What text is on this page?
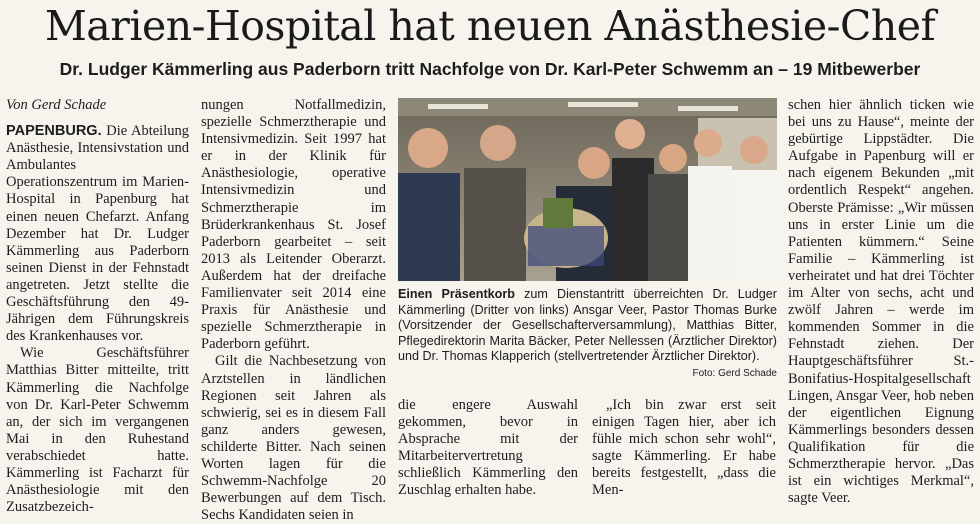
Marien-Hospital hat neuen Anästhesie-Chef
Dr. Ludger Kämmerling aus Paderborn tritt Nachfolge von Dr. Karl-Peter Schwemm an – 19 Mitbewerber
Von Gerd Schade

PAPENBURG. Die Abteilung Anästhesie, Intensivstation und Ambulantes Operationszentrum im Marien-Hospital in Papenburg hat einen neuen Chefarzt. Anfang Dezember hat Dr. Ludger Kämmerling aus Paderborn seinen Dienst in der Fehnstadt angetreten. Jetzt stellte die Geschäftsführung den 49-Jährigen dem Führungskreis des Krankenhauses vor.

Wie Geschäftsführer Matthias Bitter mitteilte, tritt Kämmerling die Nachfolge von Dr. Karl-Peter Schwemm an, der sich im vergangenen Mai in den Ruhestand verabschiedet hatte. Kämmerling ist Facharzt für Anästhesiologie mit den Zusatzbezeich-

nungen Notfallmedizin, spezielle Schmerztherapie und Intensivmedizin. Seit 1997 hat er in der Klinik für Anästhesiologie, operative Intensivmedizin und Schmerztherapie im Brüderkrankenhaus St. Josef Paderborn gearbeitet – seit 2013 als Leitender Oberarzt. Außerdem hat der dreifache Familienvater seit 2014 eine Praxis für Anästhesie und spezielle Schmerztherapie in Paderborn geführt.

Gilt die Nachbesetzung von Arztstellen in ländlichen Regionen seit Jahren als schwierig, sei es in diesem Fall ganz anders gewesen, schilderte Bitter. Nach seinen Worten lagen für die Schwemm-Nachfolge 20 Bewerbungen auf dem Tisch. Sechs Kandidaten seien in

Einen Präsentkorb zum Dienstantritt überreichten Dr. Ludger Kämmerling (Dritter von links) Ansgar Veer, Pastor Thomas Burke (Vorsitzender der Gesellschafterversammlung), Matthias Bitter, Pflegedirektorin Marita Bäcker, Peter Nellessen (Ärztlicher Direktor) und Dr. Thomas Klapperich (stellvertretender Ärztlicher Direktor).
Foto: Gerd Schade

die engere Auswahl gekommen, bevor in Absprache mit der Mitarbeitervertretung schließlich Kämmerling den Zuschlag erhalten habe.

„Ich bin zwar erst seit einigen Tagen hier, aber ich fühle mich schon sehr wohl“, sagte Kämmerling. Er habe bereits festgestellt, „dass die Men-

schen hier ähnlich ticken wie bei uns zu Hause“, meinte der gebürtige Lippstädter. Die Aufgabe in Papenburg will er nach eigenem Bekunden „mit ordentlich Respekt“ angehen. Oberste Prämisse: „Wir müssen uns in erster Linie um die Patienten kümmern.“ Seine Familie – Kämmerling ist verheiratet und hat drei Töchter im Alter von sechs, acht und zwölf Jahren – werde im kommenden Sommer in die Fehnstadt ziehen. Der Hauptgeschäftsführer St.-Bonifatius-Hospitalgesellschaft Lingen, Ansgar Veer, hob neben der eigentlichen Eignung Kämmerlings besonders dessen Qualifikation für die Schmerztherapie hervor. „Das ist ein wichtiges Merkmal“, sagte Veer.
